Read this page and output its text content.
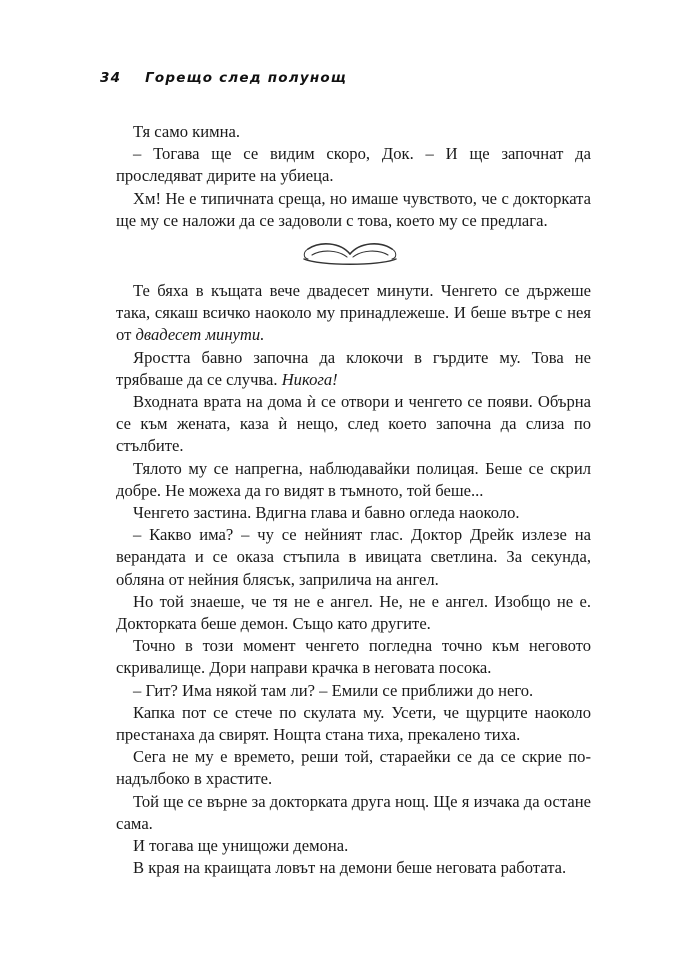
34 Горещо след полунощ

Тя само кимна.

– Тогава ще се видим скоро, Док. – И ще започнат да проследяват дирите на убиеца.

Хм! Не е типичната среща, но имаше чувството, че с докторката ще му се наложи да се задоволи с това, което му се предлага.

Те бяха в къщата вече двадесет минути. Ченгето се държеше така, сякаш всичко наоколо му принадлежеше. И беше вътре с нея от двадесет минути.

Яростта бавно започна да клокочи в гърдите му. Това не трябваше да се случва. Никога!

Входната врата на дома ѝ се отвори и ченгето се появи. Обърна се към жената, каза ѝ нещо, след което започна да слиза по стълбите.

Тялото му се напрегна, наблюдавайки полицая. Беше се скрил добре. Не можеха да го видят в тъмното, той беше...

Ченгето застина. Вдигна глава и бавно огледа наоколо.

– Какво има? – чу се нейният глас. Доктор Дрейк излезе на верандата и се оказа стъпила в ивицата светлина. За секунда, обляна от нейния блясък, заприлича на ангел.

Но той знаеше, че тя не е ангел. Не, не е ангел. Изобщо не е. Докторката беше демон. Също като другите.

Точно в този момент ченгето погледна точно към неговото скривалище. Дори направи крачка в неговата посока.

– Гит? Има някой там ли? – Емили се приближи до него.

Капка пот се стече по скулата му. Усети, че щурците наоколо престанаха да свирят. Нощта стана тиха, прекалено тиха.

Сега не му е времето, реши той, старaейки се да се скрие по-надълбоко в храстите.

Той ще се върне за докторката друга нощ. Ще я изчака да остане сама.

И тогава ще унищожи демона.

В края на краищата ловът на демони беше неговата работата.
